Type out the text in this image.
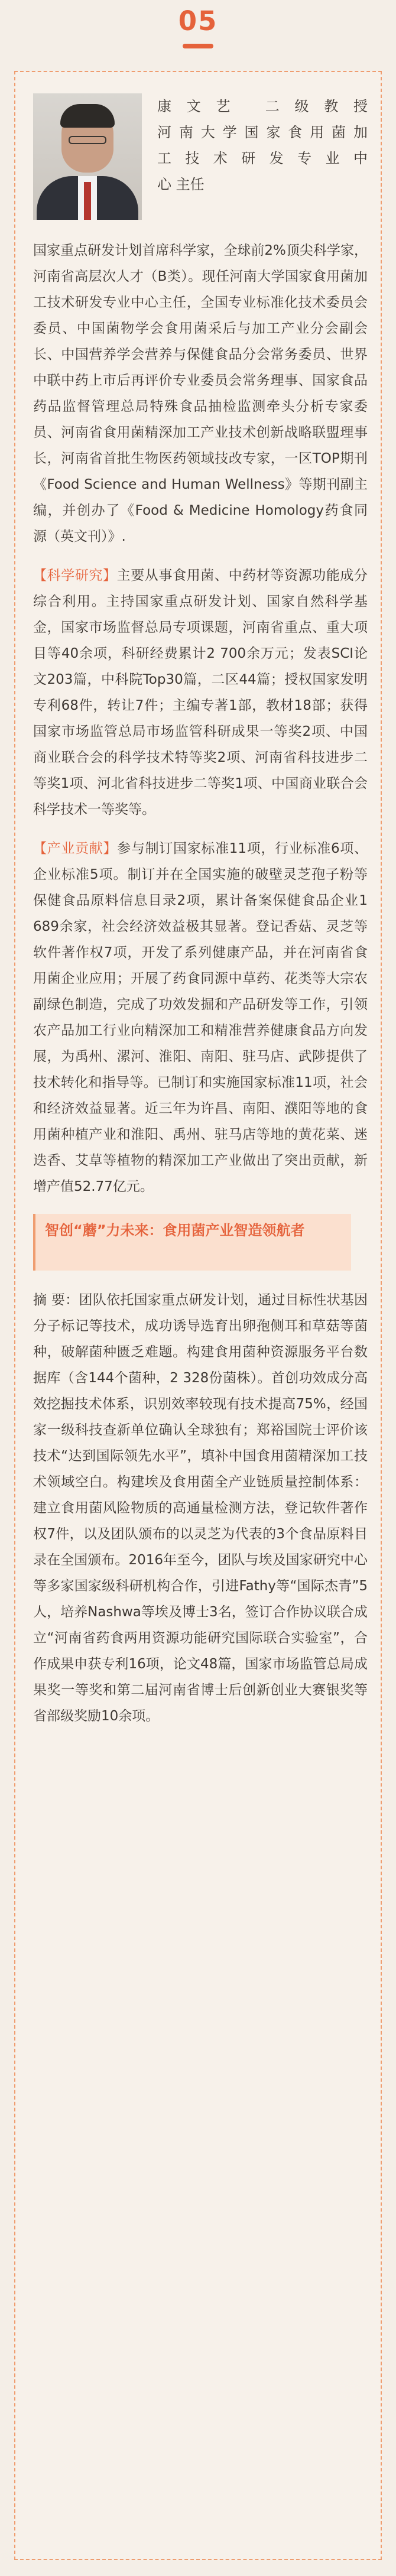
05
康文艺 二级教授
河南大学国家食用菌加
工技术研发专业中
心 主任

国家重点研发计划首席科学家，全球前2%顶尖科学家，河南省高层次人才（B类）。现任河南大学国家食用菌加工技术研发专业中心主任，全国专业标准化技术委员会委员、中国菌物学会食用菌采后与加工产业分会副会长、中国营养学会营养与保健食品分会常务委员、世界中联中药上市后再评价专业委员会常务理事、国家食品药品监督管理总局特殊食品抽检监测牵头分析专家委员、河南省食用菌精深加工产业技术创新战略联盟理事长，河南省首批生物医药领域技改专家，一区TOP期刊《Food Science and Human Wellness》等期刊副主编，并创办了《Food & Medicine Homology药食同源（英文刊）》.

【科学研究】主要从事食用菌、中药材等资源功能成分综合利用。主持国家重点研发计划、国家自然科学基金，国家市场监督总局专项课题，河南省重点、重大项目等40余项，科研经费累计2 700余万元；发表SCI论文203篇，中科院Top30篇，二区44篇；授权国家发明专利68件，转让7件；主编专著1部，教材18部；获得国家市场监管总局市场监管科研成果一等奖2项、中国商业联合会的科学技术特等奖2项、河南省科技进步二等奖1项、河北省科技进步二等奖1项、中国商业联合会科学技术一等奖等。

【产业贡献】参与制订国家标准11项，行业标准6项、企业标准5项。制订并在全国实施的破壁灵芝孢子粉等保健食品原料信息目录2项，累计备案保健食品企业1 689余家，社会经济效益极其显著。登记香菇、灵芝等软件著作权7项，开发了系列健康产品，并在河南省食用菌企业应用；开展了药食同源中草药、花类等大宗农副绿色制造，完成了功效发掘和产品研发等工作，引领农产品加工行业向精深加工和精准营养健康食品方向发展，为禹州、漯河、淮阳、南阳、驻马店、武陟提供了技术转化和指导等。已制订和实施国家标准11项，社会和经济效益显著。近三年为许昌、南阳、濮阳等地的食用菌种植产业和淮阳、禹州、驻马店等地的黄花菜、迷迭香、艾草等植物的精深加工产业做出了突出贡献，新增产值52.77亿元。

智创“蘑”力未来：食用菌产业智造领航者

摘 要：团队依托国家重点研发计划，通过目标性状基因分子标记等技术，成功诱导选育出卵孢侧耳和草菇等菌种，破解菌种匮乏难题。构建食用菌种资源服务平台数据库（含144个菌种，2 328份菌株）。首创功效成分高效挖掘技术体系，识别效率较现有技术提高75%，经国家一级科技查新单位确认全球独有；郑裕国院士评价该技术“达到国际领先水平”，填补中国食用菌精深加工技术领域空白。构建埃及食用菌全产业链质量控制体系：建立食用菌风险物质的高通量检测方法，登记软件著作权7件，以及团队颁布的以灵芝为代表的3个食品原料目录在全国颁布。2016年至今，团队与埃及国家研究中心等多家国家级科研机构合作，引进Fathy等“国际杰青”5人，培养Nashwa等埃及博士3名，签订合作协议联合成立“河南省药食两用资源功能研究国际联合实验室”，合作成果申获专利16项，论文48篇，国家市场监管总局成果奖一等奖和第二届河南省博士后创新创业大赛银奖等省部级奖励10余项。
